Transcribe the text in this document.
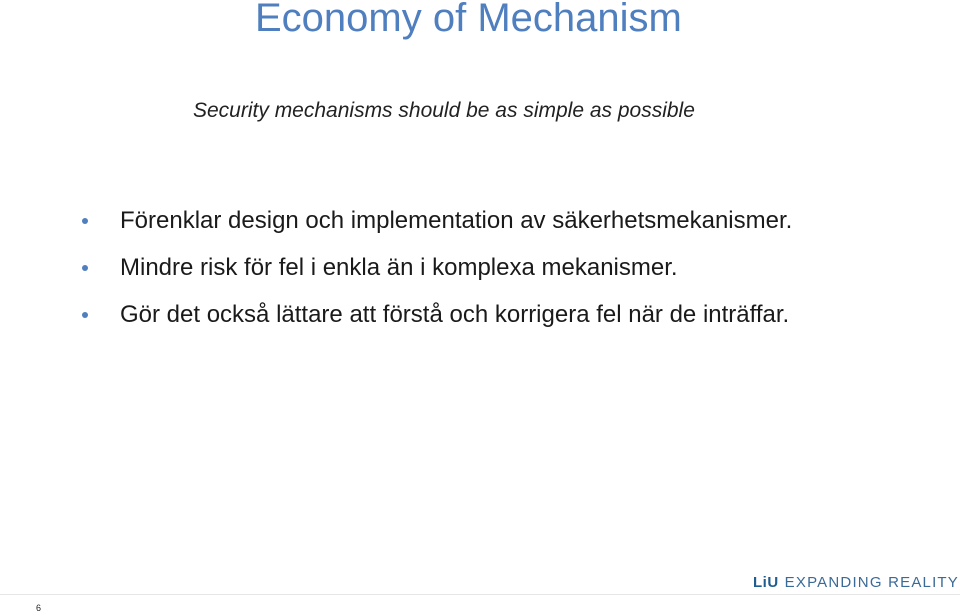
Economy of Mechanism
Security mechanisms should be as simple as possible
Förenklar design och implementation av säkerhetsmekanismer.
Mindre risk för fel i enkla än i komplexa mekanismer.
Gör det också lättare att förstå och korrigera fel när de inträffar.
LiU EXPANDING REALITY
6
